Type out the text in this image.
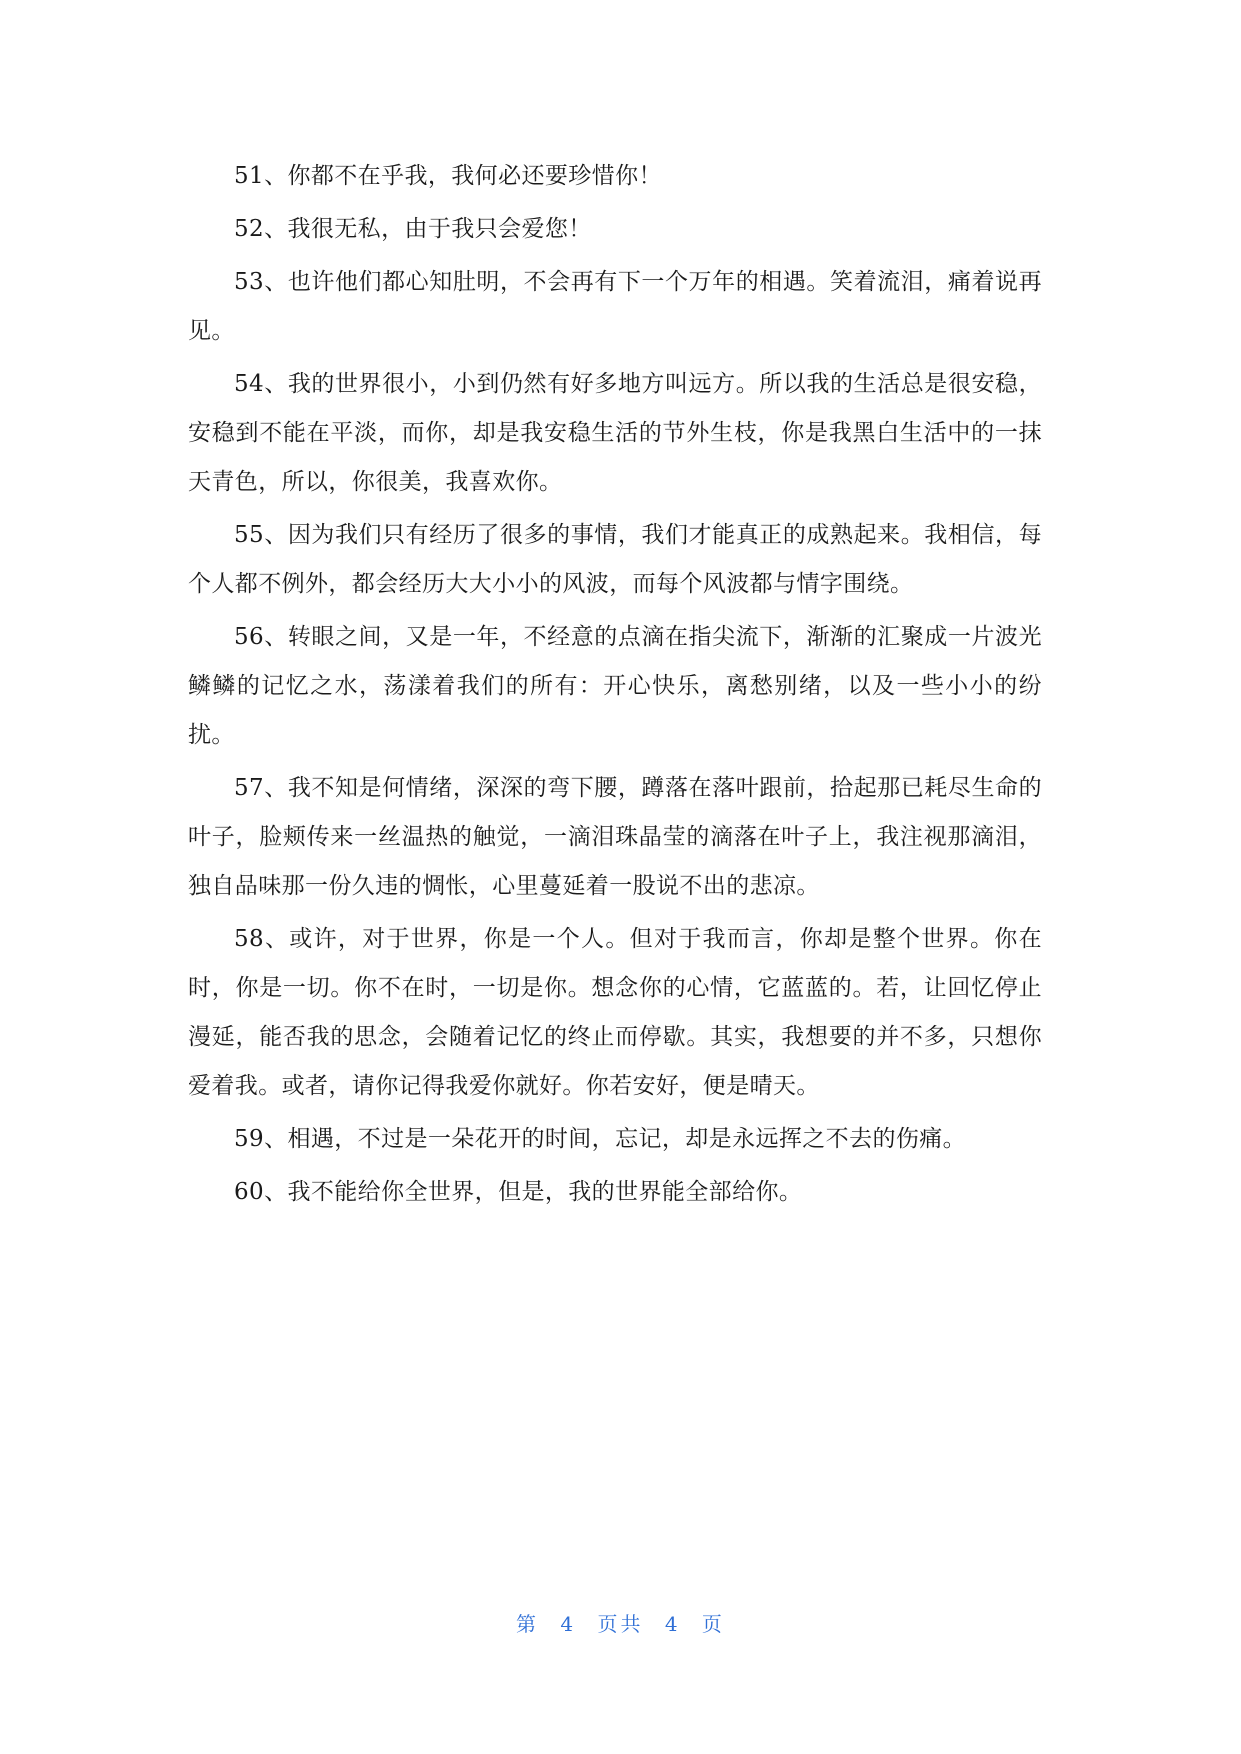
51、你都不在乎我，我何必还要珍惜你！

52、我很无私，由于我只会爱您！

53、也许他们都心知肚明，不会再有下一个万年的相遇。笑着流泪，痛着说再见。

54、我的世界很小，小到仍然有好多地方叫远方。所以我的生活总是很安稳，安稳到不能在平淡，而你，却是我安稳生活的节外生枝，你是我黑白生活中的一抹天青色，所以，你很美，我喜欢你。

55、因为我们只有经历了很多的事情，我们才能真正的成熟起来。我相信，每个人都不例外，都会经历大大小小的风波，而每个风波都与情字围绕。

56、转眼之间，又是一年，不经意的点滴在指尖流下，渐渐的汇聚成一片波光鳞鳞的记忆之水，荡漾着我们的所有：开心快乐，离愁别绪，以及一些小小的纷扰。

57、我不知是何情绪，深深的弯下腰，蹲落在落叶跟前，拾起那已耗尽生命的叶子，脸颊传来一丝温热的触觉，一滴泪珠晶莹的滴落在叶子上，我注视那滴泪，独自品味那一份久违的惆怅，心里蔓延着一股说不出的悲凉。

58、或许，对于世界，你是一个人。但对于我而言，你却是整个世界。你在时，你是一切。你不在时，一切是你。想念你的心情，它蓝蓝的。若，让回忆停止漫延，能否我的思念，会随着记忆的终止而停歇。其实，我想要的并不多，只想你爱着我。或者，请你记得我爱你就好。你若安好，便是晴天。

59、相遇，不过是一朵花开的时间，忘记，却是永远挥之不去的伤痛。

60、我不能给你全世界，但是，我的世界能全部给你。

第 4 页共 4 页
